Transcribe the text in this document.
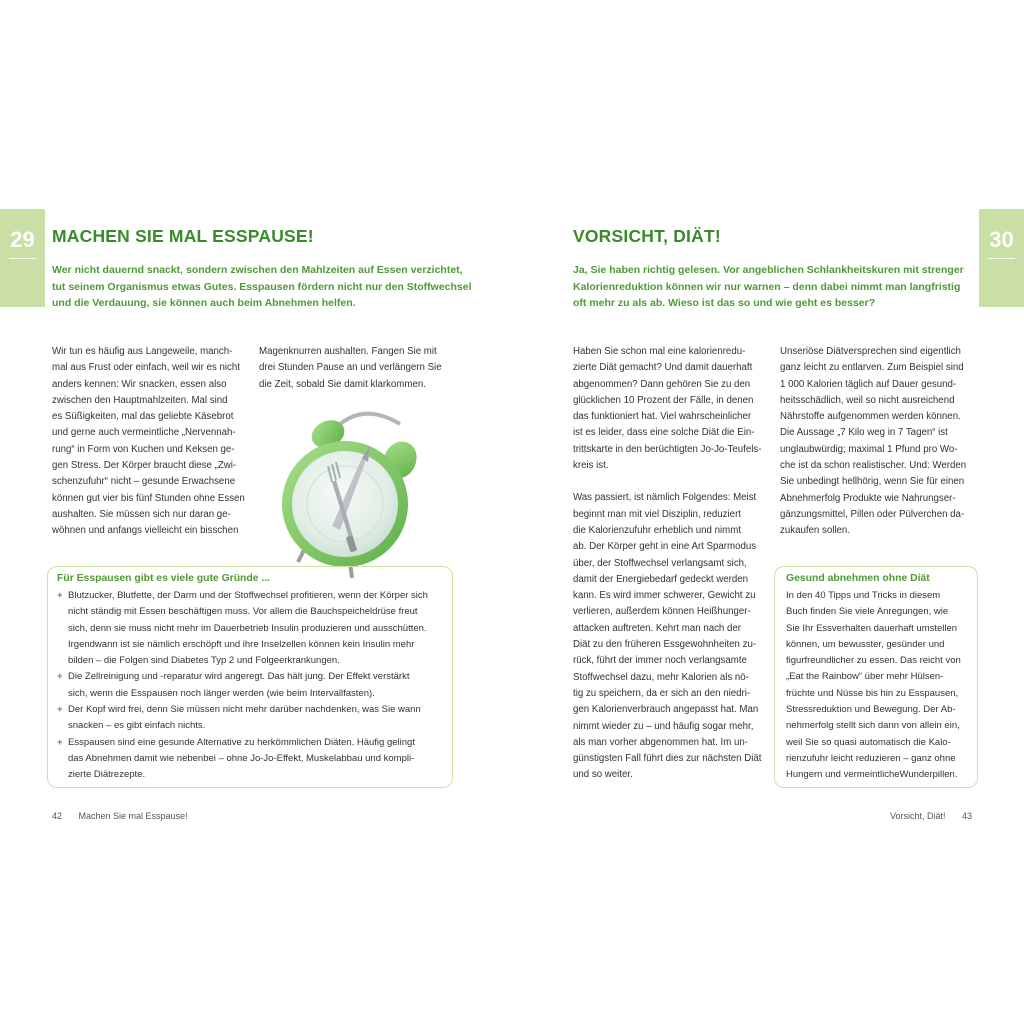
29 MACHEN SIE MAL ESSPAUSE!
Wer nicht dauernd snackt, sondern zwischen den Mahlzeiten auf Essen verzichtet,
tut seinem Organismus etwas Gutes. Esspausen fördern nicht nur den Stoffwechsel
und die Verdauung, sie können auch beim Abnehmen helfen.
Wir tun es häufig aus Langeweile, manch-
mal aus Frust oder einfach, weil wir es nicht
anders kennen: Wir snacken, essen also
zwischen den Hauptmahlzeiten. Mal sind
es Süßigkeiten, mal das geliebte Käsebrot
und gerne auch vermeintliche „Nervennah-
rung“ in Form von Kuchen und Keksen ge-
gen Stress. Der Körper braucht diese „Zwi-
schenzufuhr“ nicht – gesunde Erwachsene
können gut vier bis fünf Stunden ohne Essen
aushalten. Sie müssen sich nur daran ge-
wöhnen und anfangs vielleicht ein bisschen
Magenknurren aushalten. Fangen Sie mit
drei Stunden Pause an und verlängern Sie
die Zeit, sobald Sie damit klarkommen.
Für Esspausen gibt es viele gute Gründe ...
+ Blutzucker, Blutfette, der Darm und der Stoffwechsel profitieren, wenn der Körper sich
nicht ständig mit Essen beschäftigen muss. Vor allem die Bauchspeicheldrüse freut
sich, denn sie muss nicht mehr im Dauerbetrieb Insulin produzieren und ausschütten.
Irgendwann ist sie nämlich erschöpft und ihre Inselzellen können kein Insulin mehr
bilden – die Folgen sind Diabetes Typ 2 und Folgeerkrankungen.
+ Die Zellreinigung und -reparatur wird angeregt. Das hält jung. Der Effekt verstärkt
sich, wenn die Esspausen noch länger werden (wie beim Intervallfasten).
+ Der Kopf wird frei, denn Sie müssen nicht mehr darüber nachdenken, was Sie wann
snacken – es gibt einfach nichts.
+ Esspausen sind eine gesunde Alternative zu herkömmlichen Diäten. Häufig gelingt
das Abnehmen damit wie nebenbei – ohne Jo-Jo-Effekt, Muskelabbau und kompli-
zierte Diätrezepte.
42 Machen Sie mal Esspause!
30
VORSICHT, DIÄT!
Ja, Sie haben richtig gelesen. Vor angeblichen Schlankheitskuren mit strenger
Kalorienreduktion können wir nur warnen – denn dabei nimmt man langfristig
oft mehr zu als ab. Wieso ist das so und wie geht es besser?

Haben Sie schon mal eine kalorienredu-
zierte Diät gemacht? Und damit dauerhaft
abgenommen? Dann gehören Sie zu den
glücklichen 10 Prozent der Fälle, in denen
das funktioniert hat. Viel wahrscheinlicher
ist es leider, dass eine solche Diät die Ein-
trittskarte in den berüchtigten Jo-Jo-Teufels-
kreis ist.

Was passiert, ist nämlich Folgendes: Meist
beginnt man mit viel Disziplin, reduziert
die Kalorienzufuhr erheblich und nimmt
ab. Der Körper geht in eine Art Sparmodus
über, der Stoffwechsel verlangsamt sich,
damit der Energiebedarf gedeckt werden
kann. Es wird immer schwerer, Gewicht zu
verlieren, außerdem können Heißhunger-
attacken auftreten. Kehrt man nach der
Diät zu den früheren Essgewohnheiten zu-
rück, führt der immer noch verlangsamte
Stoffwechsel dazu, mehr Kalorien als nö-
tig zu speichern, da er sich an den niedri-
gen Kalorienverbrauch angepasst hat. Man
nimmt wieder zu – und häufig sogar mehr,
als man vorher abgenommen hat. Im un-
günstigsten Fall führt dies zur nächsten Diät
und so weiter.

Unseriöse Diätversprechen sind eigentlich
ganz leicht zu entlarven. Zum Beispiel sind
1 000 Kalorien täglich auf Dauer gesund-
heitsschädlich, weil so nicht ausreichend
Nährstoffe aufgenommen werden können.
Die Aussage „7 Kilo weg in 7 Tagen“ ist
unglaubwürdig; maximal 1 Pfund pro Wo-
che ist da schon realistischer. Und: Werden
Sie unbedingt hellhörig, wenn Sie für einen
Abnehmerfolg Produkte wie Nahrungser-
gänzungsmittel, Pillen oder Pülverchen da-
zukaufen sollen.
Gesund abnehmen ohne Diät
In den 40 Tipps und Tricks in diesem
Buch finden Sie viele Anregungen, wie
Sie Ihr Essverhalten dauerhaft umstellen
können, um bewusster, gesünder und
figurfreundlicher zu essen. Das reicht von
„Eat the Rainbow“ über mehr Hülsen-
früchte und Nüsse bis hin zu Esspausen,
Stressreduktion und Bewegung. Der Ab-
nehmerfolg stellt sich dann von allein ein,
weil Sie so quasi automatisch die Kalo-
rienzufuhr leicht reduzieren – ganz ohne
Hungern und vermeintlicheWunderpillen.
Vorsicht, Diät! 43
